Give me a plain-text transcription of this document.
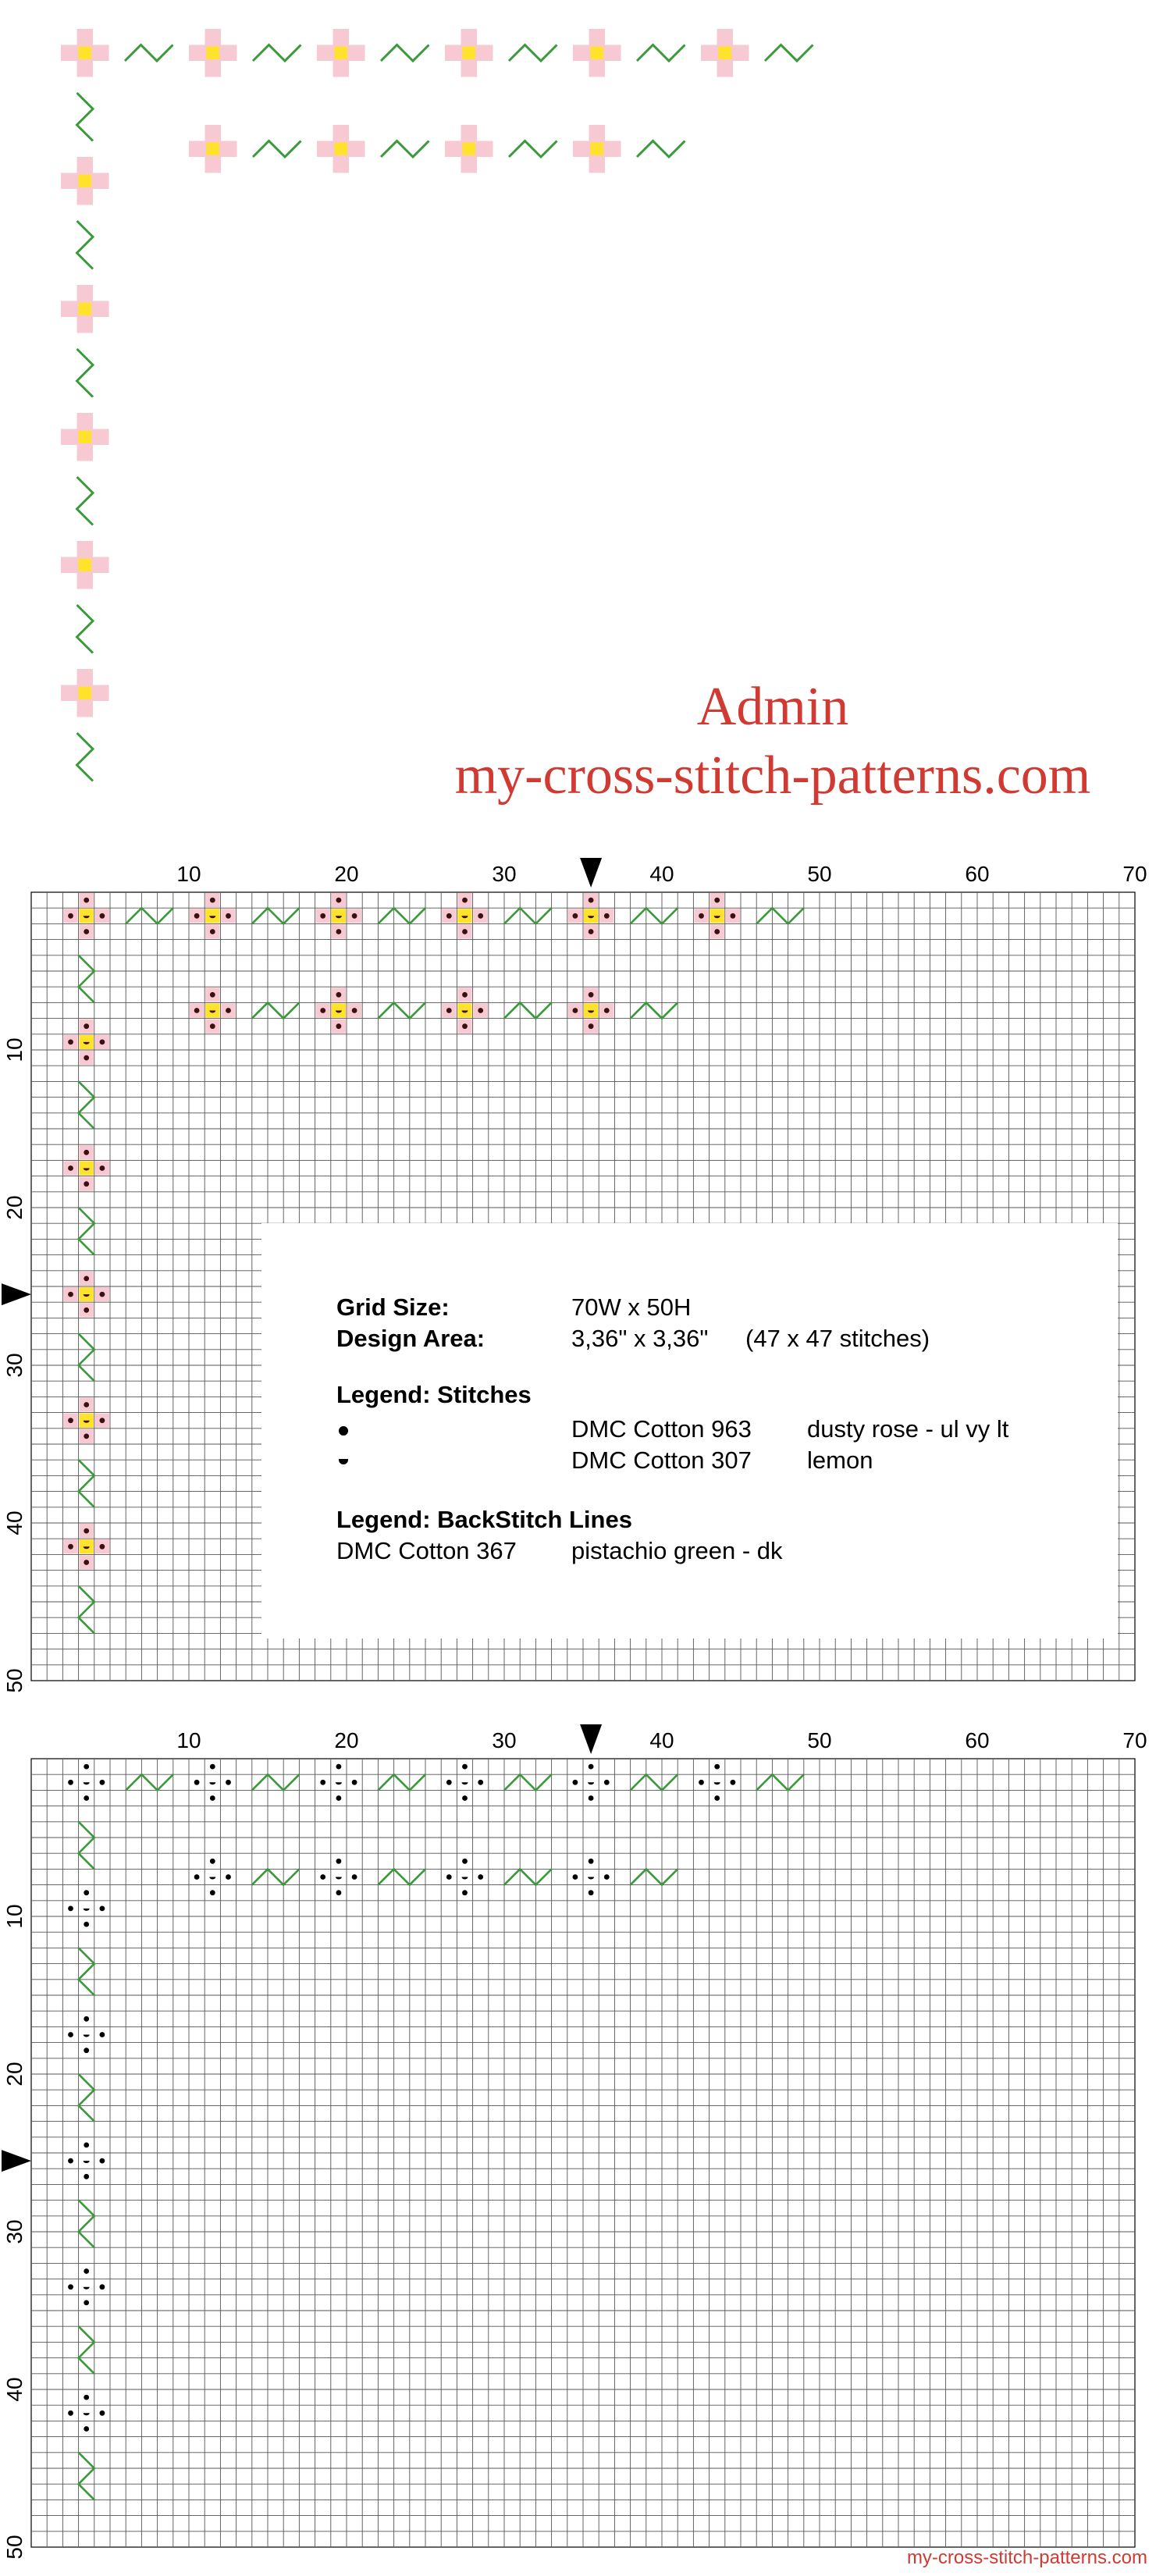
10	20	30	40	50	60	70
10
20
30
40
50
10	20	30	40	50	60	70
10
20
30
40
50
Admin
my-cross-stitch-patterns.com
Grid Size:	70W x 50H
Design Area:	3,36" x 3,36" (47 x 47 stitches)
Legend: Stitches
DMC Cotton 963 dusty rose - ul vy lt
DMC Cotton 307 lemon
Legend: BackStitch Lines
DMC Cotton 367 pistachio green - dk
my-cross-stitch-patterns.com
